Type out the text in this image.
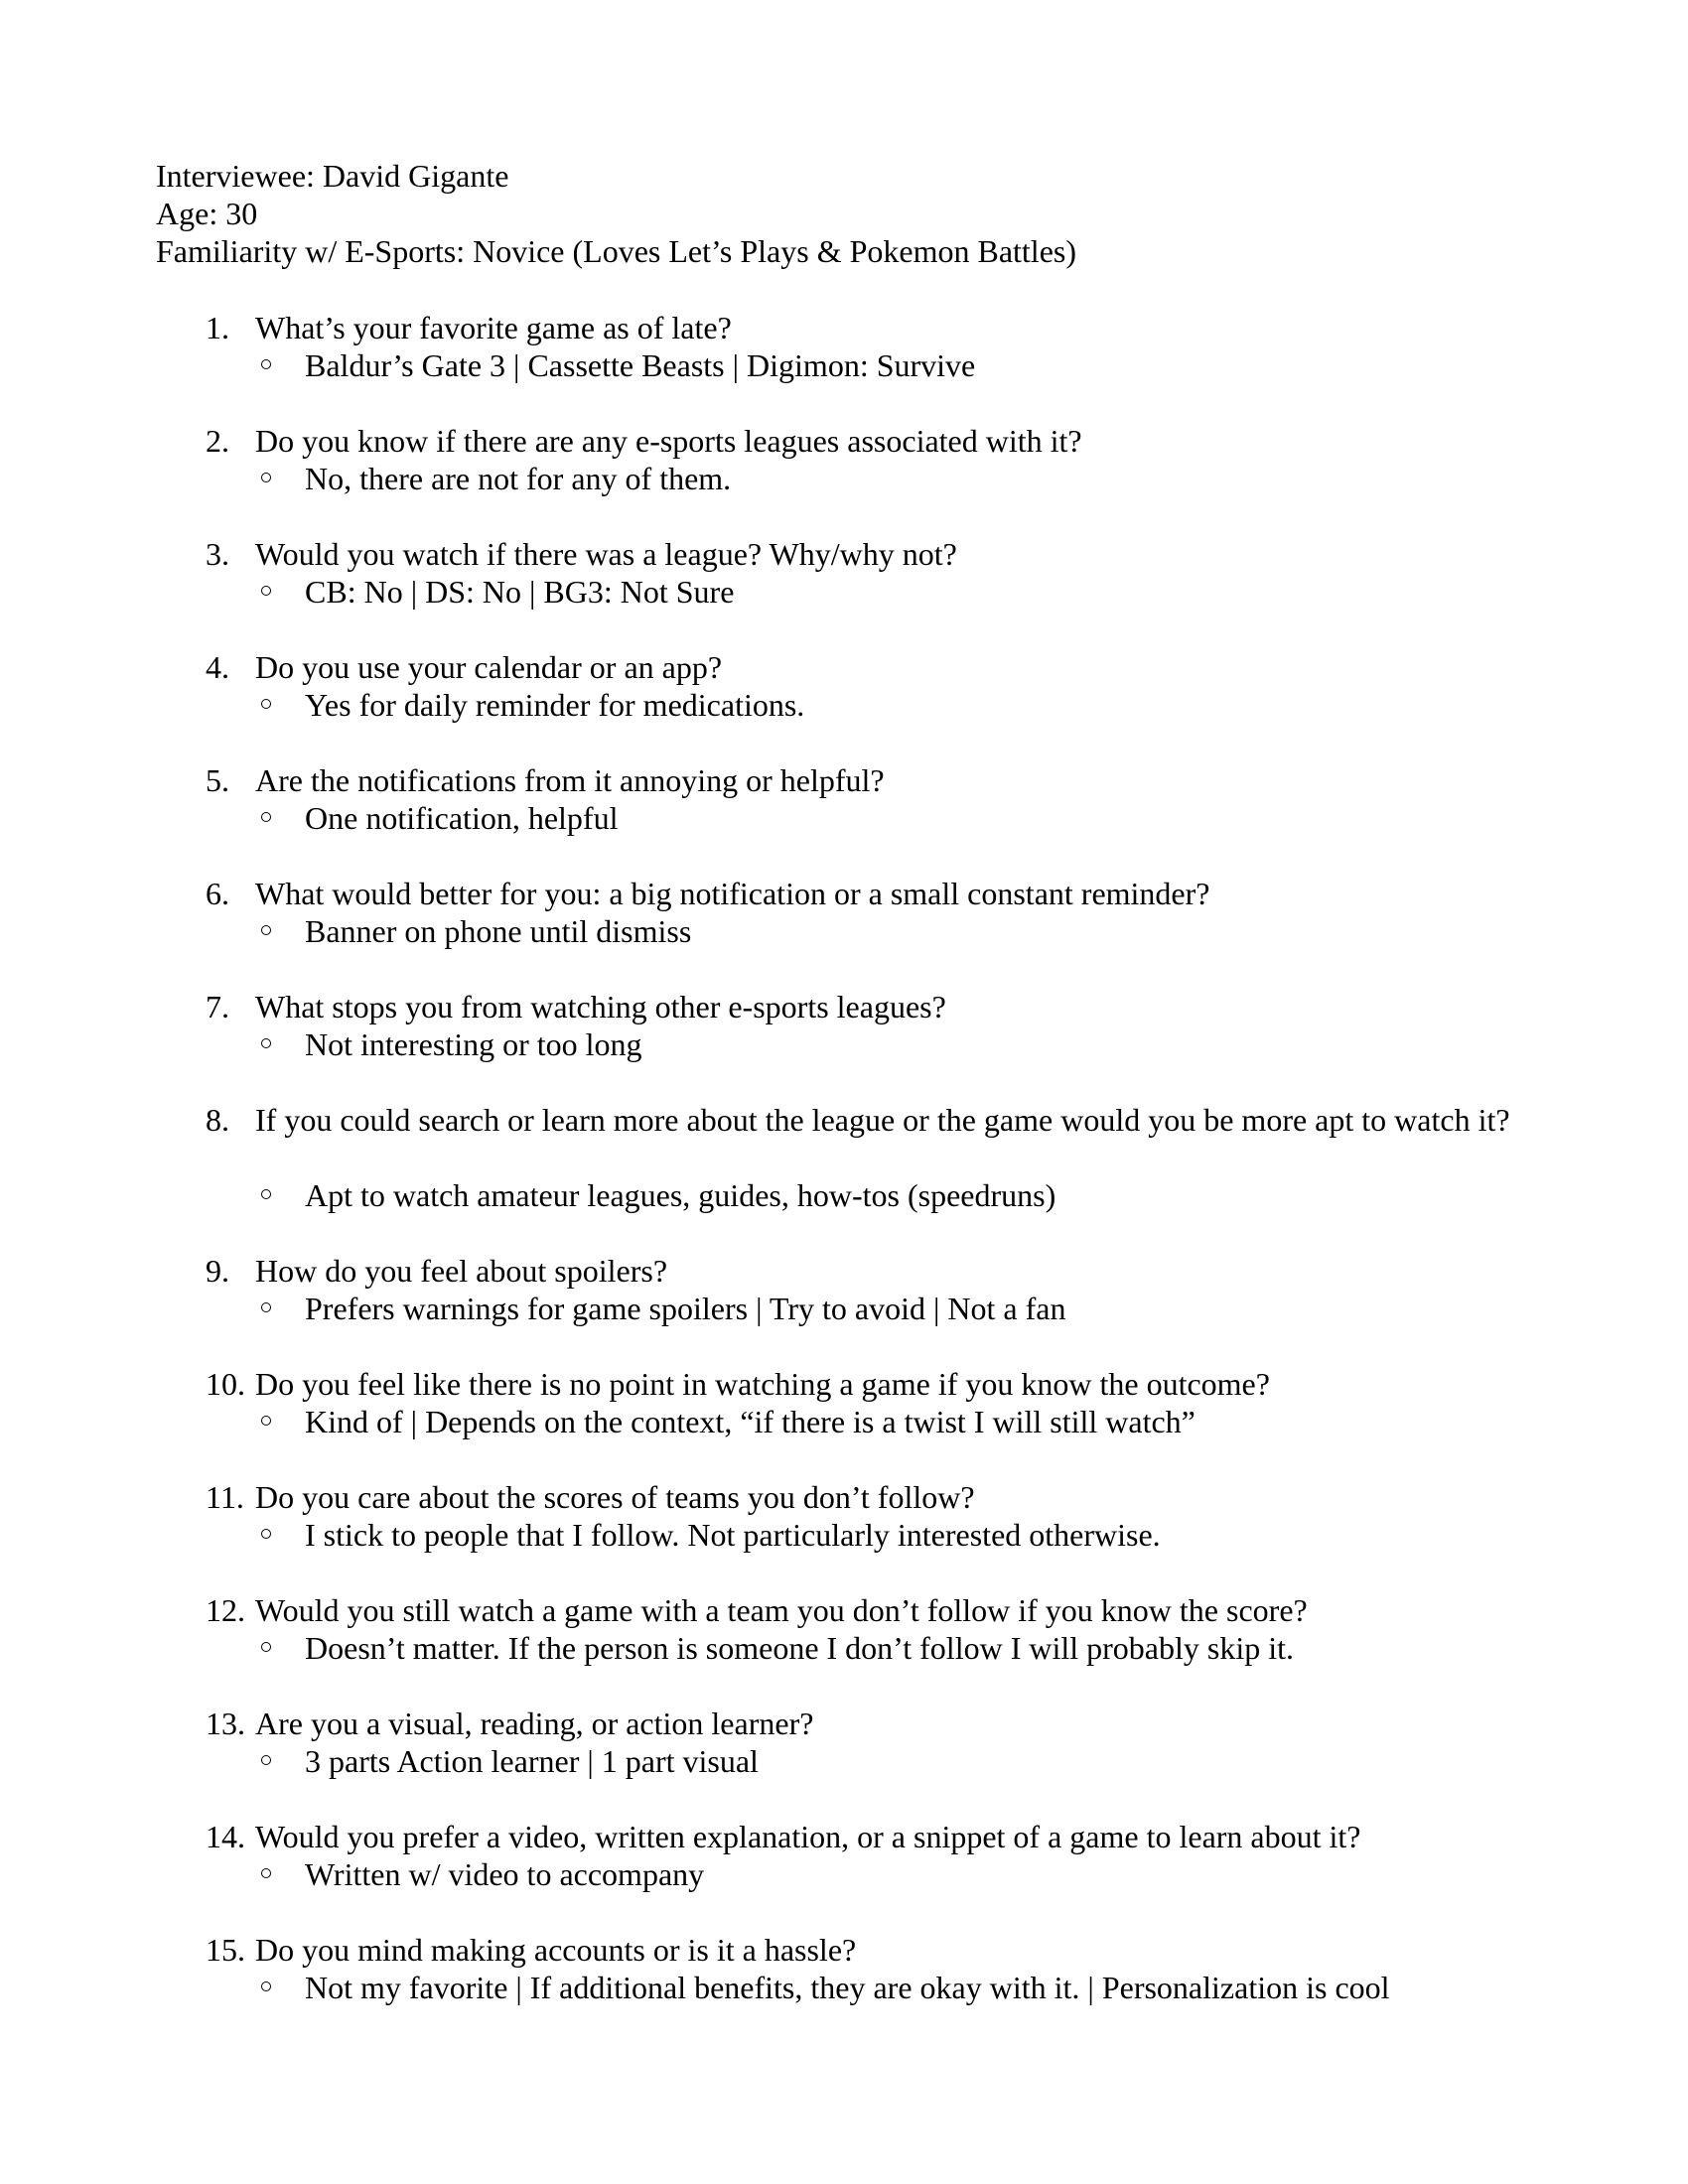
Interviewee: David Gigante
Age: 30
Familiarity w/ E-Sports: Novice (Loves Let’s Plays & Pokemon Battles)
1. What’s your favorite game as of late?
Baldur’s Gate 3 | Cassette Beasts | Digimon: Survive
2. Do you know if there are any e-sports leagues associated with it?
No, there are not for any of them.
3. Would you watch if there was a league? Why/why not?
CB: No | DS: No | BG3: Not Sure
4. Do you use your calendar or an app?
Yes for daily reminder for medications.
5. Are the notifications from it annoying or helpful?
One notification, helpful
6. What would better for you: a big notification or a small constant reminder?
Banner on phone until dismiss
7. What stops you from watching other e-sports leagues?
Not interesting or too long
8. If you could search or learn more about the league or the game would you be more apt to watch it?
Apt to watch amateur leagues, guides, how-tos (speedruns)
9. How do you feel about spoilers?
Prefers warnings for game spoilers | Try to avoid | Not a fan
10. Do you feel like there is no point in watching a game if you know the outcome?
Kind of | Depends on the context, “if there is a twist I will still watch”
11. Do you care about the scores of teams you don’t follow?
I stick to people that I follow. Not particularly interested otherwise.
12. Would you still watch a game with a team you don’t follow if you know the score?
Doesn’t matter. If the person is someone I don’t follow I will probably skip it.
13. Are you a visual, reading, or action learner?
3 parts Action learner | 1 part visual
14. Would you prefer a video, written explanation, or a snippet of a game to learn about it?
Written w/ video to accompany
15. Do you mind making accounts or is it a hassle?
Not my favorite | If additional benefits, they are okay with it. | Personalization is cool
